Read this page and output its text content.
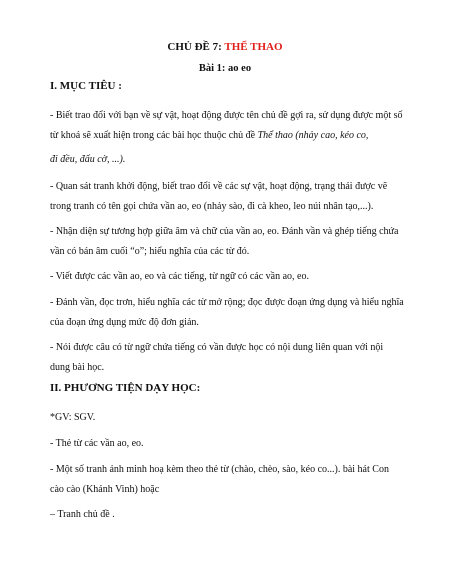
CHỦ ĐỀ 7: THỂ THAO
Bài 1: ao eo
I. MỤC TIÊU :
- Biết trao đổi với bạn về sự vật, hoạt động được tên chủ đề gợi ra, sử dụng được một số từ khoá sẽ xuất hiện trong các bài học thuộc chủ đề Thể thao (nhảy cao, kéo co,
đi đều, đấu cờ, ...).
- Quan sát tranh khởi động, biết trao đổi về các sự vật, hoạt động, trạng thái được vẽ trong tranh có tên gọi chứa vần ao, eo (nhảy sào, đi cà kheo, leo núi nhân tạo,...).
- Nhận diện sự tương hợp giữa âm và chữ của vần ao, eo. Đánh vần và ghép tiếng chứa vần có bán âm cuối “o”; hiểu nghĩa của các từ đó.
- Viết được các vần ao, eo và các tiếng, từ ngữ có các vần ao, eo.
- Đánh vần, đọc trơn, hiểu nghĩa các từ mở rộng; đọc được đoạn ứng dụng và hiểu nghĩa của đoạn ứng dụng mức độ đơn giản.
- Nói được câu có từ ngữ chứa tiếng có vần được học có nội dung liên quan với nội dung bài học.
II. PHƯƠNG TIỆN DẠY HỌC:
*GV: SGV.
- Thẻ từ các vần ao, eo.
- Một số tranh ảnh minh hoạ kèm theo thẻ từ (chào, chèo, sào, kéo co...). bài hát Con cào cào (Khánh Vinh) hoặc
– Tranh chủ đề .
